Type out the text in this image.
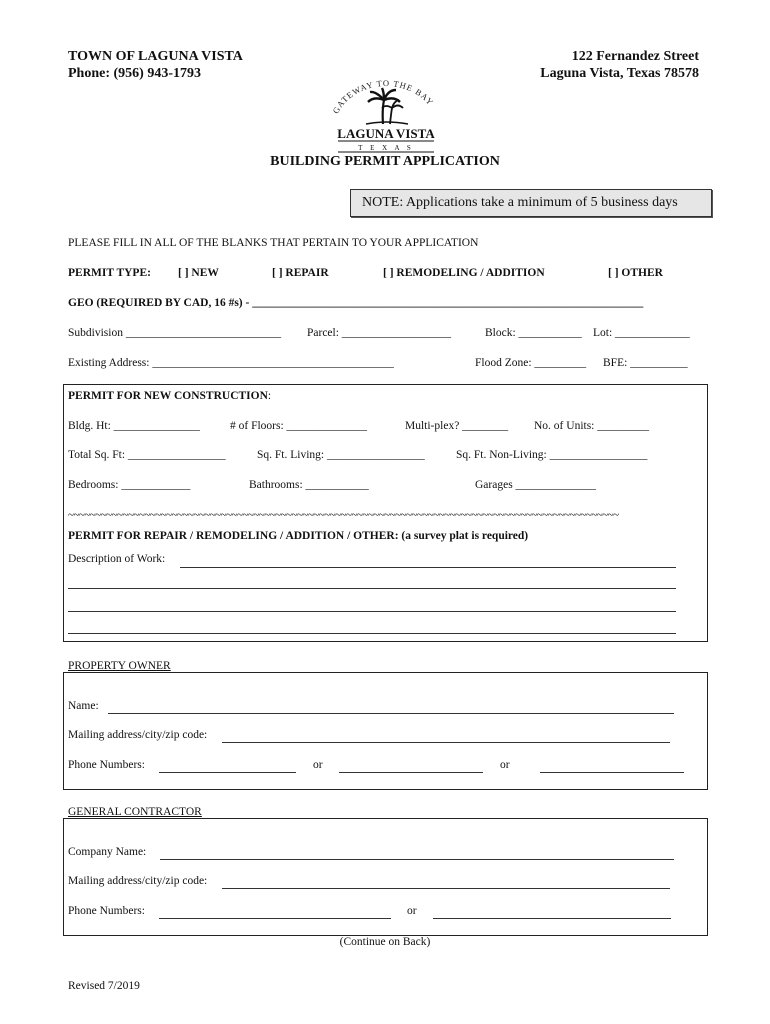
TOWN OF LAGUNA VISTA
Phone: (956) 943-1793
122 Fernandez Street
Laguna Vista, Texas 78578
GATEWAY TO THE BAY
LAGUNA VISTA
T E X A S
BUILDING PERMIT APPLICATION
NOTE: Applications take a minimum of 5 business days
PLEASE FILL IN ALL OF THE BLANKS THAT PERTAIN TO YOUR APPLICATION
PERMIT TYPE: [ ] NEW	[ ] REPAIR	[ ] REMODELING / ADDITION	[ ] OTHER
GEO (REQUIRED BY CAD, 16 #s) - ____________________________________________________________________
Subdivision ___________________________ Parcel: ___________________	Block: ___________ Lot: _____________
Existing Address: __________________________________________	Flood Zone: _________ BFE: __________
PERMIT FOR NEW CONSTRUCTION:
Bldg. Ht: _______________	# of Floors: ______________	Multi-plex? ________ No. of Units: _________
Total Sq. Ft: _________________	Sq. Ft. Living: _________________	Sq. Ft. Non-Living: _________________
Bedrooms: ____________	Bathrooms: ___________	Garages ______________
~~~~~~~~~~~~~~~~~~~~~~~~~~~~~~~~~~~~~~~~~~~~~~~~~~~~~~~~~~~~~~~~~~~~~~~~~~~~~~~~~~~~~~~~~~~~~~~~~~~~~
PERMIT FOR REPAIR / REMODELING / ADDITION / OTHER: (a survey plat is required)
Description of Work:
PROPERTY OWNER
Name:
Mailing address/city/zip code:
Phone Numbers:	or	or
GENERAL CONTRACTOR
Company Name:
Mailing address/city/zip code:
Phone Numbers:	or
(Continue on Back)
Revised 7/2019
